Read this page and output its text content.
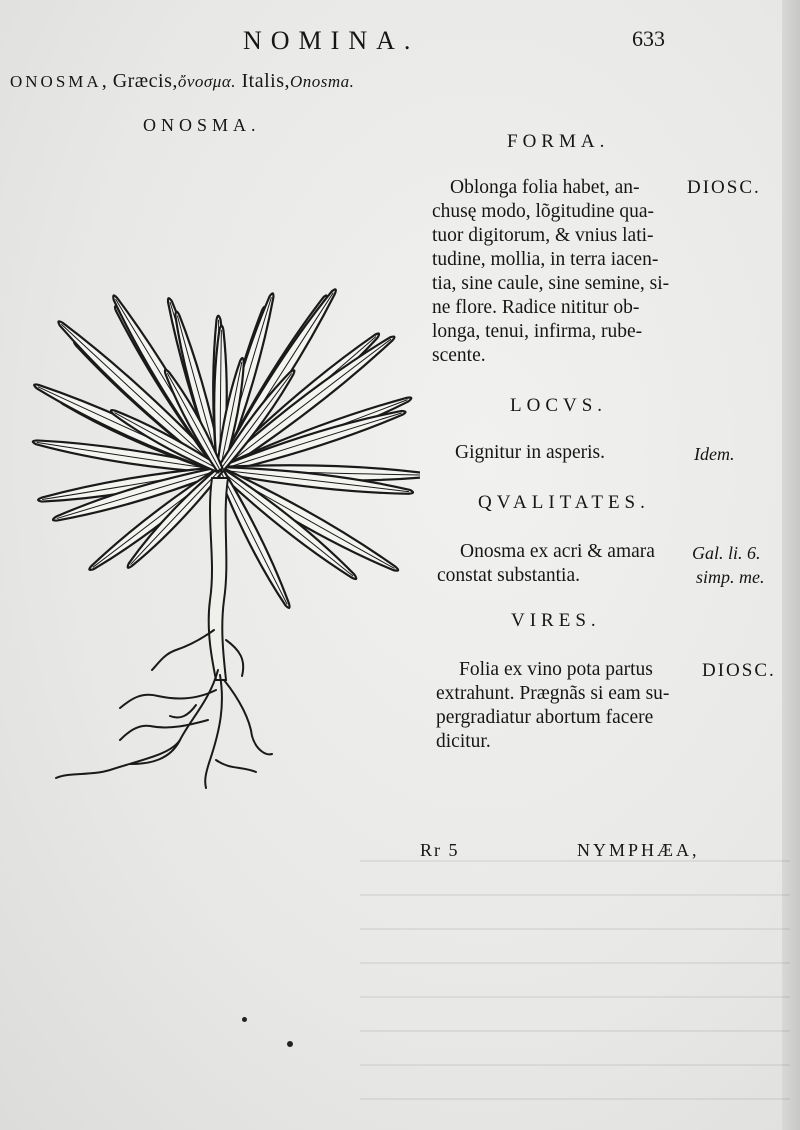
NOMINA.	633

ONOSMA, Græcis,ὄνοσμα. Italis,Onosma.

ONOSMA.

FORMA.

LOCVS.

QVALITATES.

VIRES.

Oblonga folia habet, an-

chusę modo, lõgitudine qua-

tuor digitorum, & vnius lati-

tudine, mollia, in terra iacen-

tia, sine caule, sine semine, si-

ne flore. Radice nititur ob-

longa, tenui, infirma, rube-

scente.

DIOSC.

Gignitur in asperis.	Idem.

Onosma ex acri & amara

constat substantia.

Gal. li. 6.

simp. me.

Folia ex vino pota partus

extrahunt. Prægnãs si eam su-

pergradiatur abortum facere

dicitur.

DIOSC.

Rr 5	NYMPHÆA,
